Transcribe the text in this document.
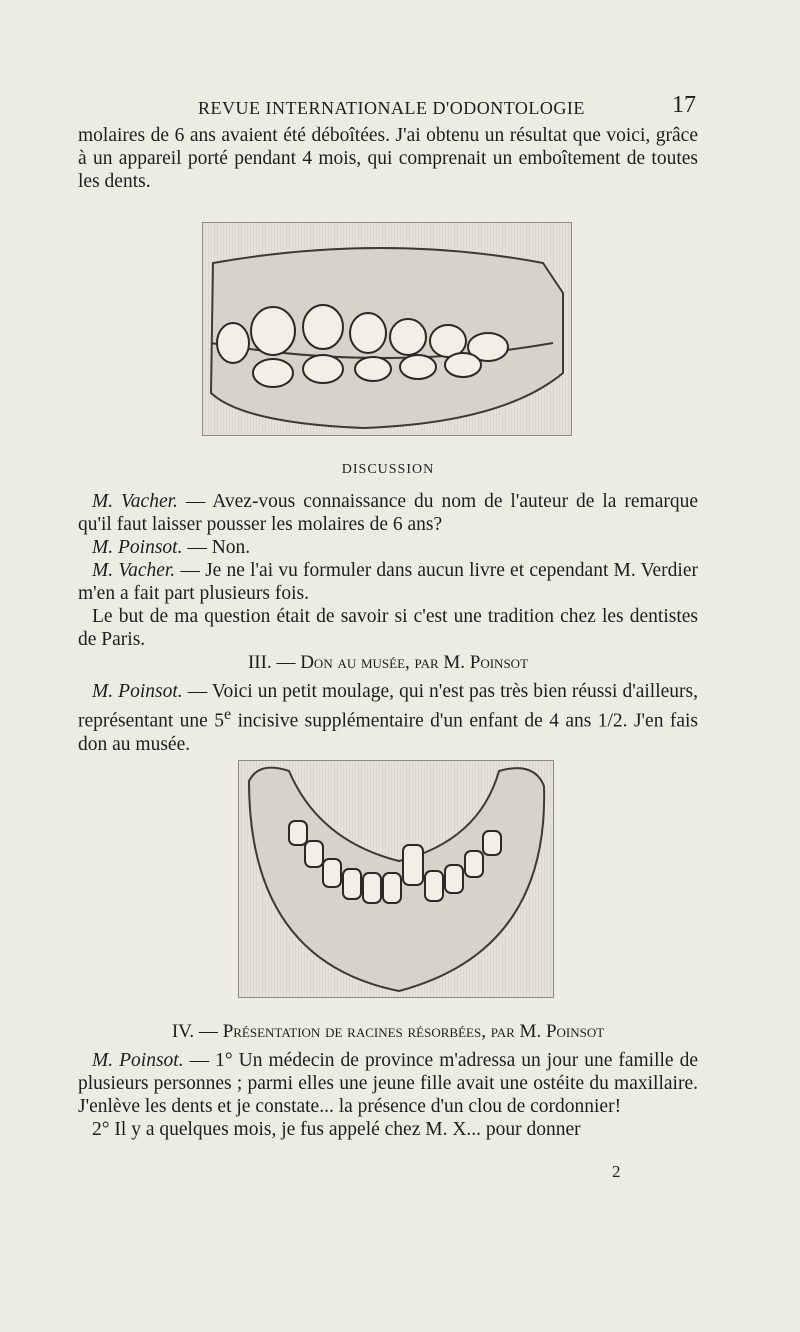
REVUE INTERNATIONALE D'ODONTOLOGIE	17

molaires de 6 ans avaient été déboîtées. J'ai obtenu un résultat que voici, grâce à un appareil porté pendant 4 mois, qui comprenait un emboîtement de toutes les dents.

DISCUSSION

M. Vacher. — Avez-vous connaissance du nom de l'auteur de la remarque qu'il faut laisser pousser les molaires de 6 ans?

M. Poinsot. — Non.

M. Vacher. — Je ne l'ai vu formuler dans aucun livre et cependant M. Verdier m'en a fait part plusieurs fois.

Le but de ma question était de savoir si c'est une tradition chez les dentistes de Paris.

III. — Don au musée, par M. Poinsot

M. Poinsot. — Voici un petit moulage, qui n'est pas très bien réussi d'ailleurs, représentant une 5e incisive supplémentaire d'un enfant de 4 ans 1/2. J'en fais don au musée.

IV. — Présentation de racines résorbées, par M. Poinsot

M. Poinsot. — 1° Un médecin de province m'adressa un jour une famille de plusieurs personnes ; parmi elles une jeune fille avait une ostéite du maxillaire. J'enlève les dents et je constate... la présence d'un clou de cordonnier!

2° Il y a quelques mois, je fus appelé chez M. X... pour donner

2
